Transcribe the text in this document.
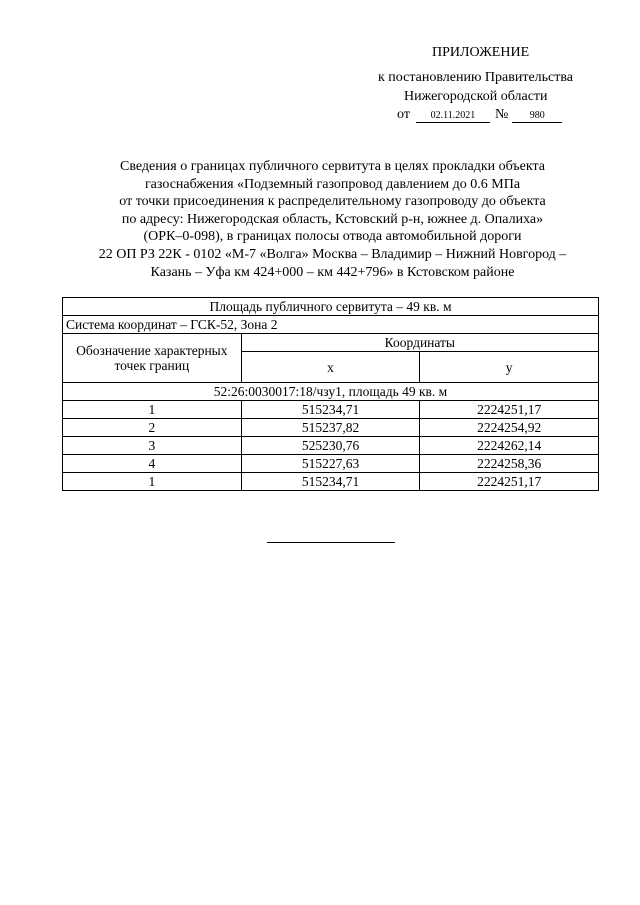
ПРИЛОЖЕНИЕ
к постановлению Правительства
Нижегородской области
от	02.11.2021	№	980
Сведения о границах публичного сервитута в целях прокладки объекта
газоснабжения «Подземный газопровод давлением до 0.6 МПа
от точки присоединения к распределительному газопроводу до объекта
по адресу: Нижегородская область, Кстовский р-н, южнее д. Опалиха»
(ОРК–0-098), в границах полосы отвода автомобильной дороги
22 ОП РЗ 22К - 0102 «М-7 «Волга» Москва – Владимир – Нижний Новгород –
Казань – Уфа км 424+000 – км 442+796» в Кстовском районе
Площадь публичного сервитута – 49 кв. м		
Система координат – ГСК-52, Зона 2		
Обозначение характерных точек границ	Координаты	
	x	y
52:26:0030017:18/чзу1, площадь 49 кв. м		
1	515234,71	2224251,17
2	515237,82	2224254,92
3	525230,76	2224262,14
4	515227,63	2224258,36
1	515234,71	2224251,17
